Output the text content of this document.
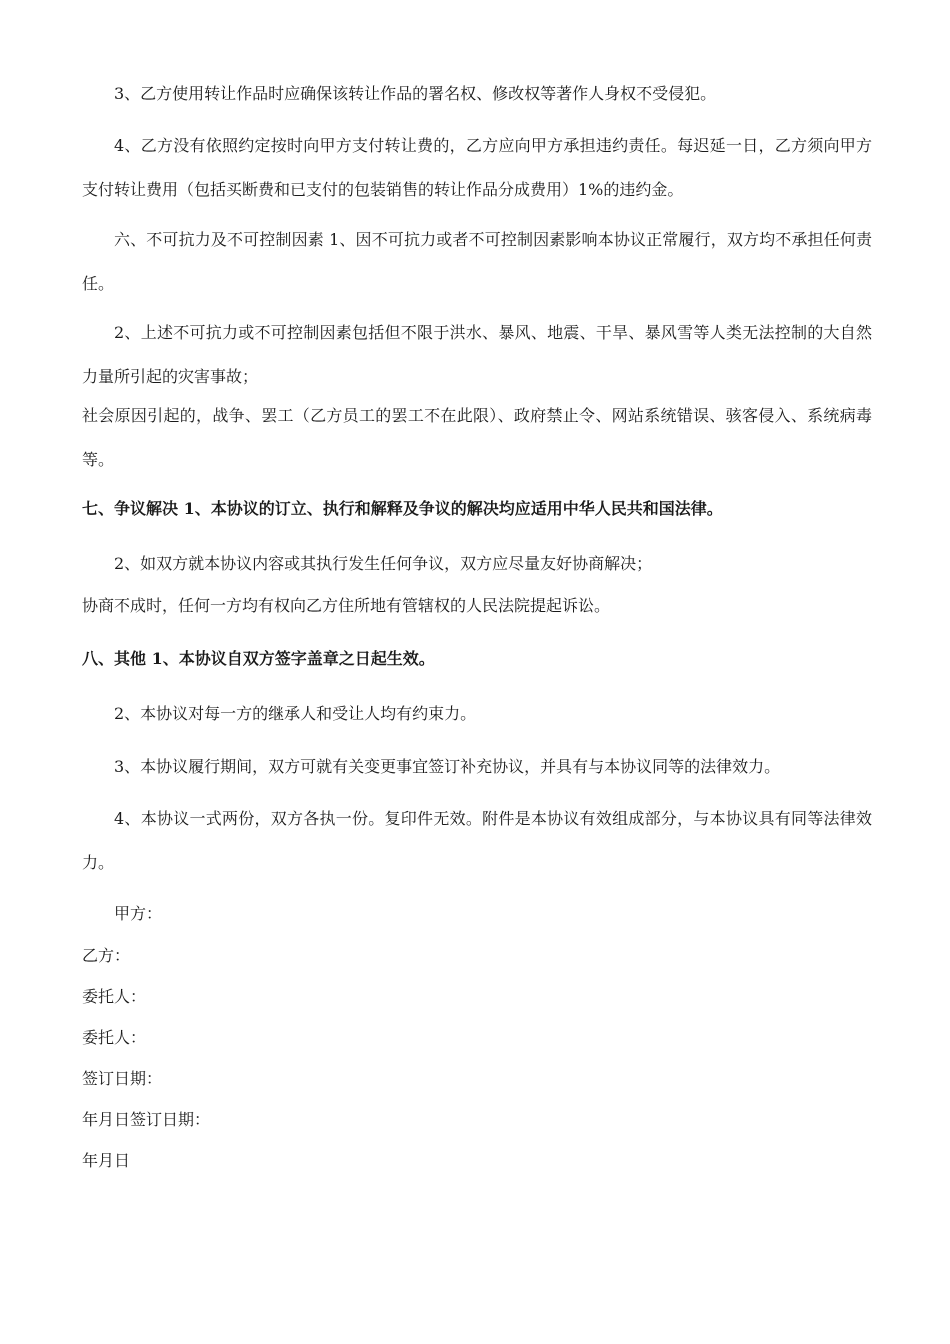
3、乙方使用转让作品时应确保该转让作品的署名权、修改权等著作人身权不受侵犯。

4、乙方没有依照约定按时向甲方支付转让费的，乙方应向甲方承担违约责任。每迟延一日，乙方须向甲方支付转让费用（包括买断费和已支付的包装销售的转让作品分成费用）1%的违约金。

六、不可抗力及不可控制因素 1、因不可抗力或者不可控制因素影响本协议正常履行，双方均不承担任何责任。

2、上述不可抗力或不可控制因素包括但不限于洪水、暴风、地震、干旱、暴风雪等人类无法控制的大自然力量所引起的灾害事故；

社会原因引起的，战争、罢工（乙方员工的罢工不在此限）、政府禁止令、网站系统错误、骇客侵入、系统病毒等。

七、争议解决 1、本协议的订立、执行和解释及争议的解决均应适用中华人民共和国法律。

2、如双方就本协议内容或其执行发生任何争议，双方应尽量友好协商解决；

协商不成时，任何一方均有权向乙方住所地有管辖权的人民法院提起诉讼。

八、其他 1、本协议自双方签字盖章之日起生效。

2、本协议对每一方的继承人和受让人均有约束力。

3、本协议履行期间，双方可就有关变更事宜签订补充协议，并具有与本协议同等的法律效力。

4、本协议一式两份，双方各执一份。复印件无效。附件是本协议有效组成部分，与本协议具有同等法律效力。

甲方：

乙方：

委托人：

委托人：

签订日期：

年月日签订日期：

年月日
